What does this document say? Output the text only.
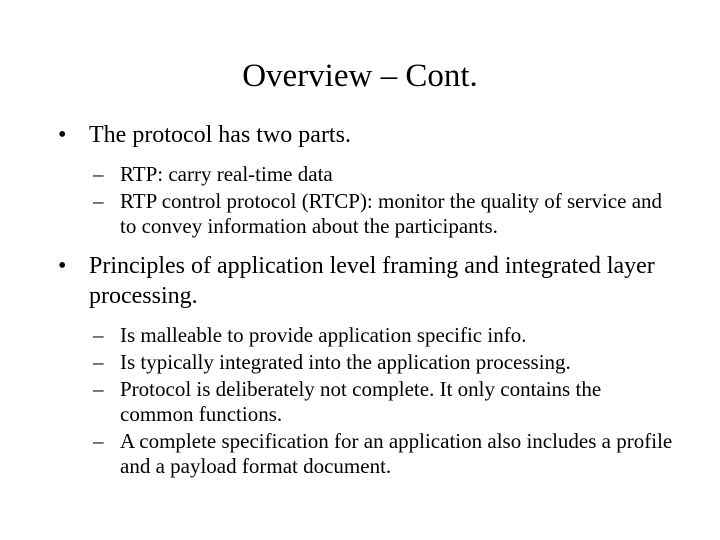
Overview – Cont.
• The protocol has two parts.
– RTP: carry real-time data
– RTP control protocol (RTCP): monitor the quality of service and to convey information about the participants.
• Principles of application level framing and integrated layer processing.
– Is malleable to provide application specific info.
– Is typically integrated into the application processing.
– Protocol is deliberately not complete. It only contains the common functions.
– A complete specification for an application also includes a profile and a payload format document.
